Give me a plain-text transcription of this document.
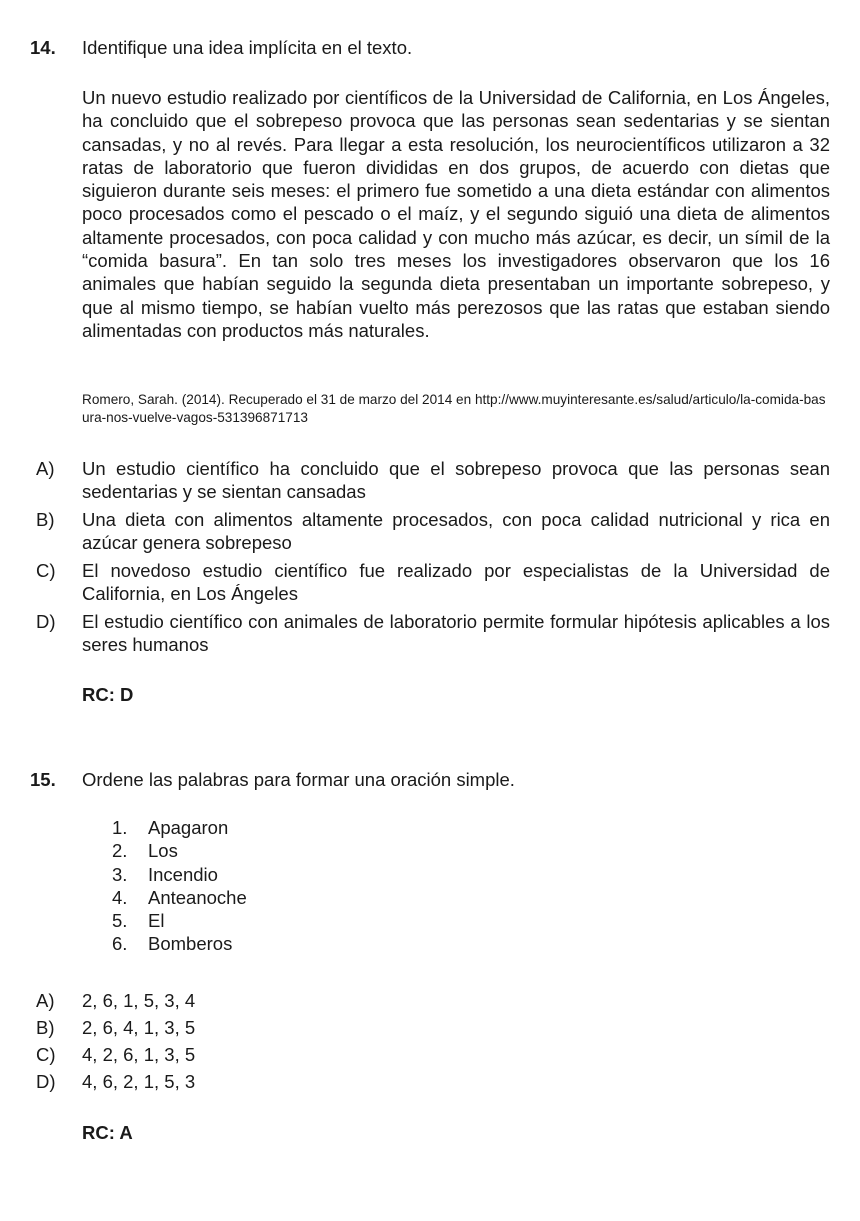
14.	Identifique una idea implícita en el texto.

Un nuevo estudio realizado por científicos de la Universidad de California, en Los Ángeles, ha concluido que el sobrepeso provoca que las personas sean sedentarias y se sientan cansadas, y no al revés. Para llegar a esta resolución, los neurocientíficos utilizaron a 32 ratas de laboratorio que fueron divididas en dos grupos, de acuerdo con dietas que siguieron durante seis meses: el primero fue sometido a una dieta estándar con alimentos poco procesados como el pescado o el maíz, y el segundo siguió una dieta de alimentos altamente procesados, con poca calidad y con mucho más azúcar, es decir, un símil de la “comida basura”. En tan solo tres meses los investigadores observaron que los 16 animales que habían seguido la segunda dieta presentaban un importante sobrepeso, y que al mismo tiempo, se habían vuelto más perezosos que las ratas que estaban siendo alimentadas con productos más naturales.

Romero, Sarah. (2014). Recuperado el 31 de marzo del 2014 en http://www.muyinteresante.es/salud/articulo/la-comida-basura-nos-vuelve-vagos-531396871713

A)	Un estudio científico ha concluido que el sobrepeso provoca que las personas sean sedentarias y se sientan cansadas
B)	Una dieta con alimentos altamente procesados, con poca calidad nutricional y rica en azúcar genera sobrepeso
C)	El novedoso estudio científico fue realizado por especialistas de la Universidad de California, en Los Ángeles
D)	El estudio científico con animales de laboratorio permite formular hipótesis aplicables a los seres humanos
RC: D
15.	Ordene las palabras para formar una oración simple.
1.	Apagaron
2.	Los
3.	Incendio
4.	Anteanoche
5.	El
6.	Bomberos
A)	2, 6, 1, 5, 3, 4
B)	2, 6, 4, 1, 3, 5
C)	4, 2, 6, 1, 3, 5
D)	4, 6, 2, 1, 5, 3
RC: A
